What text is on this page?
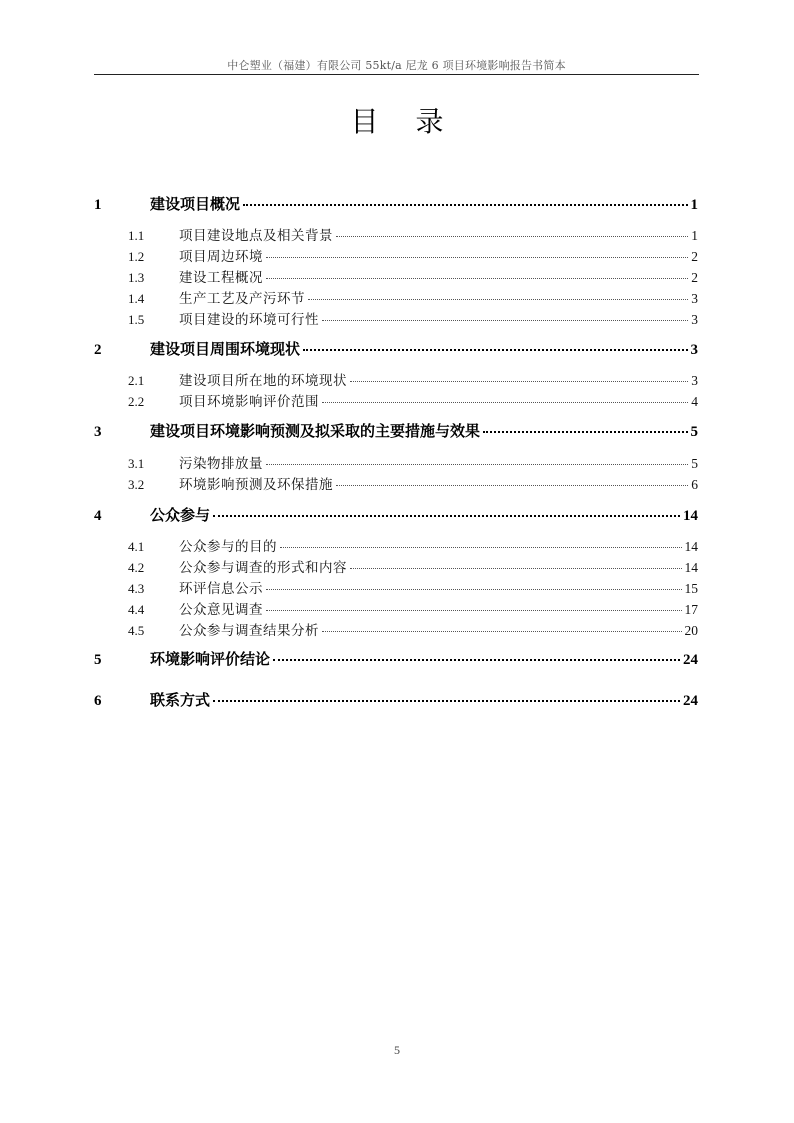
中仑塑业（福建）有限公司 55kt/a 尼龙 6 项目环境影响报告书简本
目 录
1	建设项目概况	1
1.1	项目建设地点及相关背景	1
1.2	项目周边环境	2
1.3	建设工程概况	2
1.4	生产工艺及产污环节	3
1.5	项目建设的环境可行性	3
2	建设项目周围环境现状	3
2.1	建设项目所在地的环境现状	3
2.2	项目环境影响评价范围	4
3	建设项目环境影响预测及拟采取的主要措施与效果	5
3.1	污染物排放量	5
3.2	环境影响预测及环保措施	6
4	公众参与	14
4.1	公众参与的目的	14
4.2	公众参与调查的形式和内容	14
4.3	环评信息公示	15
4.4	公众意见调查	17
4.5	公众参与调查结果分析	20
5	环境影响评价结论	24
6	联系方式	24
5
